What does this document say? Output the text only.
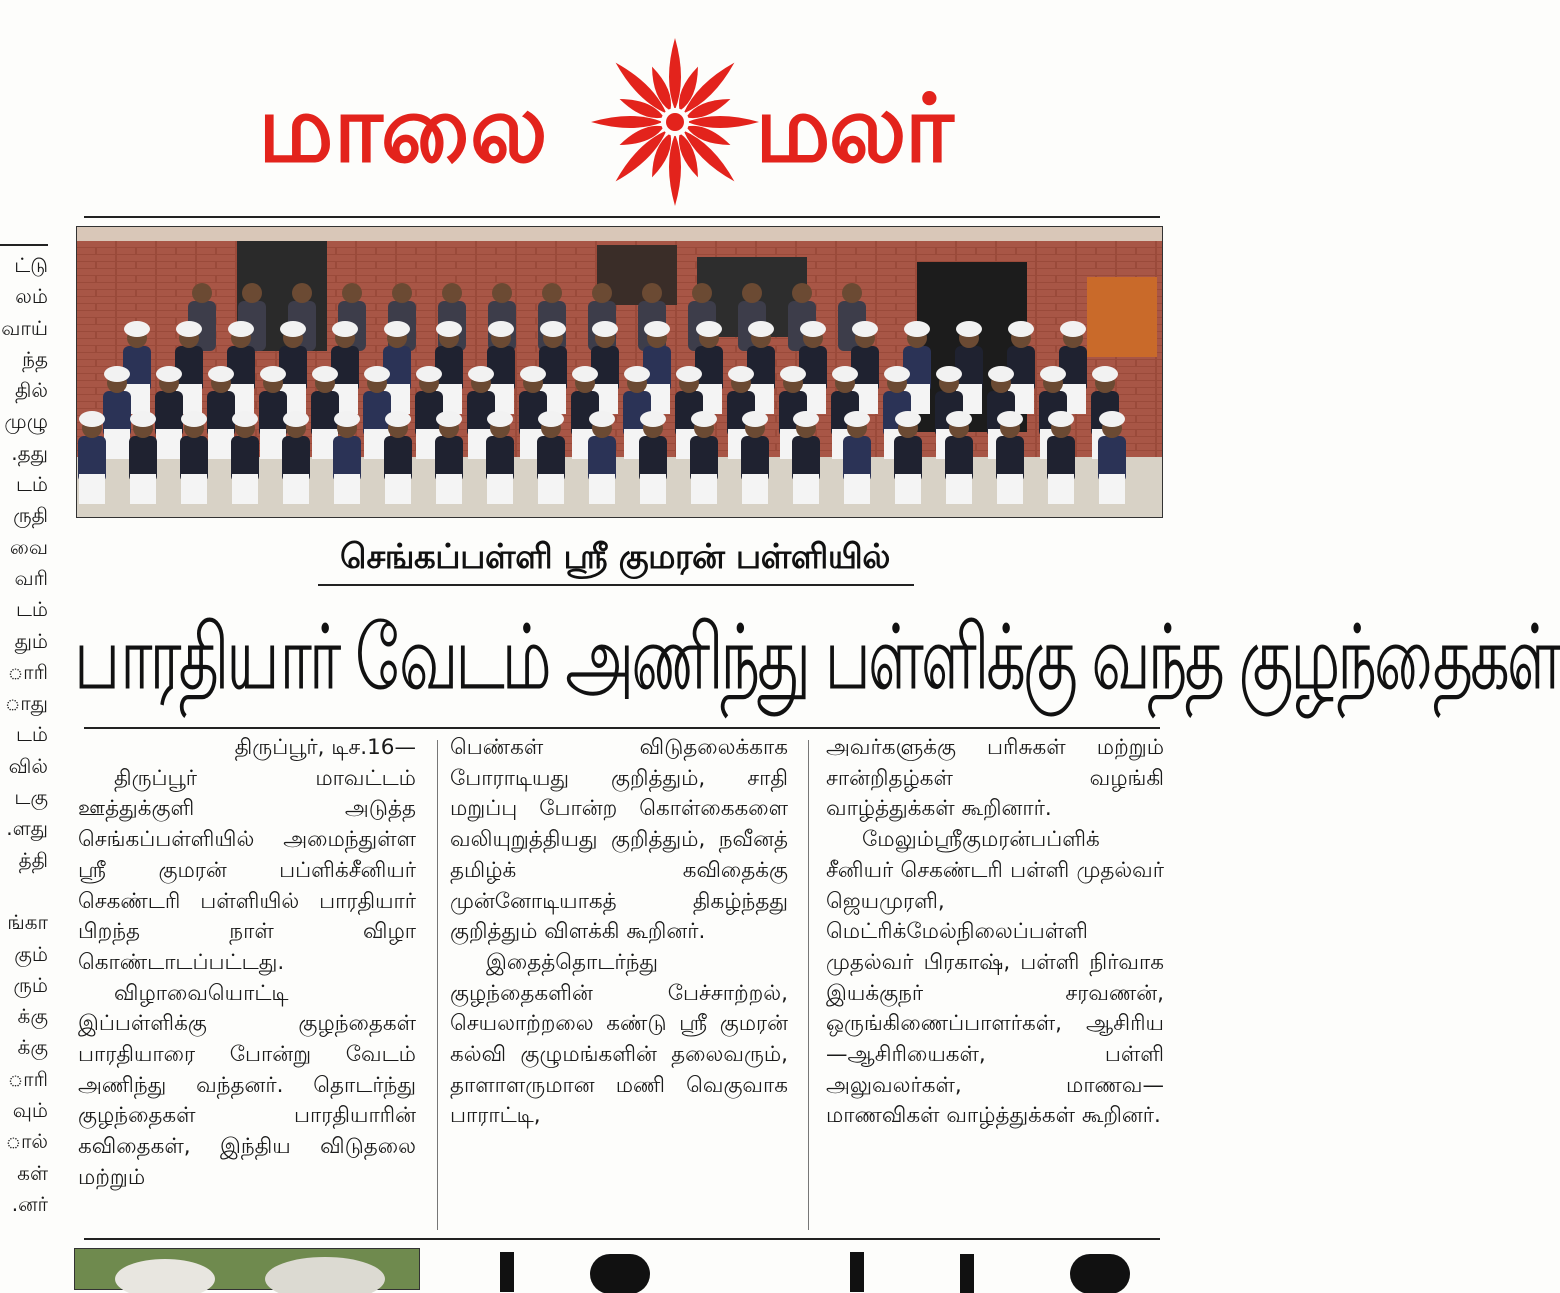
மாலை மலர்
ட்டு
லம்
வாய்
ந்த
தில்
முழு
தது.
டம்
ருதி
வை
வரி
டம்
தும்
ாரி
ாது
டம்
வில்
டகு
ளது.
த்தி
ங்கா
கும்
ரும்
க்கு
க்கு
ாரி
வும்
ால்
கள்
னர்.
செங்கப்பள்ளி ஸ்ரீ குமரன் பள்ளியில்
பாரதியார் வேடம் அணிந்து பள்ளிக்கு வந்த குழந்தைகள்

திருப்பூர், டிச.16—

திருப்பூர் மாவட்டம் ஊத்துக்குளி அடுத்த செங்கப்பள்ளியில் அமைந்துள்ள ஸ்ரீ குமரன் பப்ளிக்சீனியர் செகண்டரி பள்ளியில் பாரதியார் பிறந்த நாள் விழா கொண்டாடப்பட்டது.

விழாவையொட்டி இப்பள்ளிக்கு குழந்தைகள் பாரதியாரை போன்று வேடம் அணிந்து வந்தனர். தொடர்ந்து குழந்தைகள் பாரதியாரின் கவிதைகள், இந்திய விடுதலை மற்றும்

பெண்கள் விடுதலைக்காக போராடியது குறித்தும், சாதி மறுப்பு போன்ற கொள்கைகளை வலியுறுத்தியது குறித்தும், நவீனத் தமிழ்க் கவிதைக்கு முன்னோடியாகத் திகழ்ந்தது குறித்தும் விளக்கி கூறினர்.

இதைத்தொடர்ந்து குழந்தைகளின் பேச்சாற்றல், செயலாற்றலை கண்டு ஸ்ரீ குமரன் கல்வி குழுமங்களின் தலைவரும், தாளாளருமான மணி வெகுவாக பாராட்டி,

அவர்களுக்கு பரிசுகள் மற்றும் சான்றிதழ்கள் வழங்கி வாழ்த்துக்கள் கூறினார்.

மேலும்ஸ்ரீகுமரன்பப்ளிக் சீனியர் செகண்டரி பள்ளி முதல்வர் ஜெயமுரளி, மெட்ரிக்மேல்நிலைப்பள்ளி முதல்வர் பிரகாஷ், பள்ளி நிர்வாக இயக்குநர் சரவணன், ஒருங்கிணைப்பாளர்கள், ஆசிரிய—ஆசிரியைகள், பள்ளி அலுவலர்கள், மாணவ—மாணவிகள் வாழ்த்துக்கள் கூறினர்.
